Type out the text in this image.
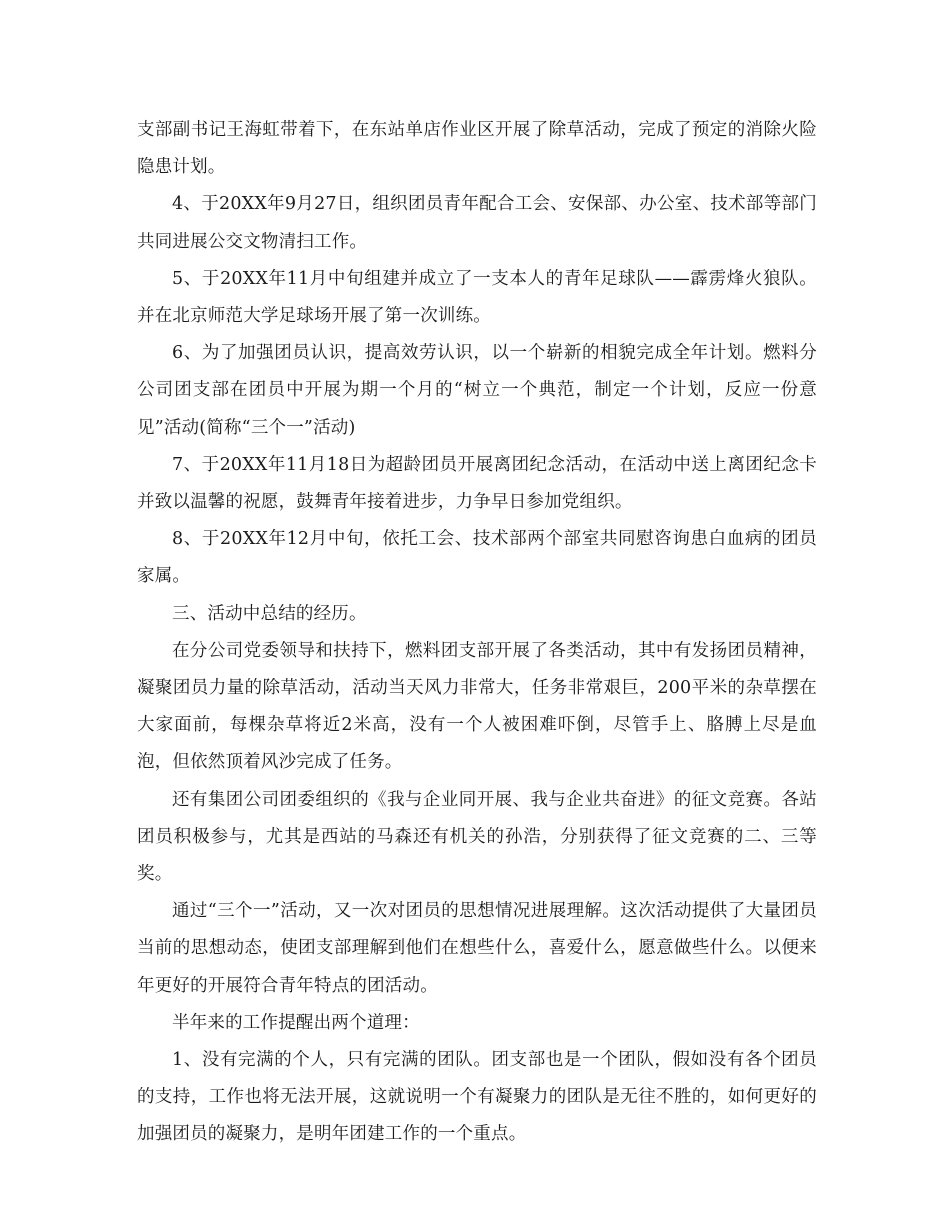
支部副书记王海虹带着下，在东站单店作业区开展了除草活动，完成了预定的消除火险隐患计划。

4、于20XX年9月27日，组织团员青年配合工会、安保部、办公室、技术部等部门共同进展公交文物清扫工作。

5、于20XX年11月中旬组建并成立了一支本人的青年足球队——霹雳烽火狼队。并在北京师范大学足球场开展了第一次训练。

6、为了加强团员认识，提高效劳认识，以一个崭新的相貌完成全年计划。燃料分公司团支部在团员中开展为期一个月的“树立一个典范，制定一个计划，反应一份意见”活动(简称“三个一”活动)

7、于20XX年11月18日为超龄团员开展离团纪念活动，在活动中送上离团纪念卡并致以温馨的祝愿，鼓舞青年接着进步，力争早日参加党组织。

8、于20XX年12月中旬，依托工会、技术部两个部室共同慰咨询患白血病的团员家属。

三、活动中总结的经历。

在分公司党委领导和扶持下，燃料团支部开展了各类活动，其中有发扬团员精神，凝聚团员力量的除草活动，活动当天风力非常大，任务非常艰巨，200平米的杂草摆在大家面前，每棵杂草将近2米高，没有一个人被困难吓倒，尽管手上、胳膊上尽是血泡，但依然顶着风沙完成了任务。

还有集团公司团委组织的《我与企业同开展、我与企业共奋进》的征文竞赛。各站团员积极参与，尤其是西站的马森还有机关的孙浩，分别获得了征文竞赛的二、三等奖。

通过“三个一”活动，又一次对团员的思想情况进展理解。这次活动提供了大量团员当前的思想动态，使团支部理解到他们在想些什么，喜爱什么，愿意做些什么。以便来年更好的开展符合青年特点的团活动。

半年来的工作提醒出两个道理：

1、没有完满的个人，只有完满的团队。团支部也是一个团队，假如没有各个团员的支持，工作也将无法开展，这就说明一个有凝聚力的团队是无往不胜的，如何更好的加强团员的凝聚力，是明年团建工作的一个重点。
